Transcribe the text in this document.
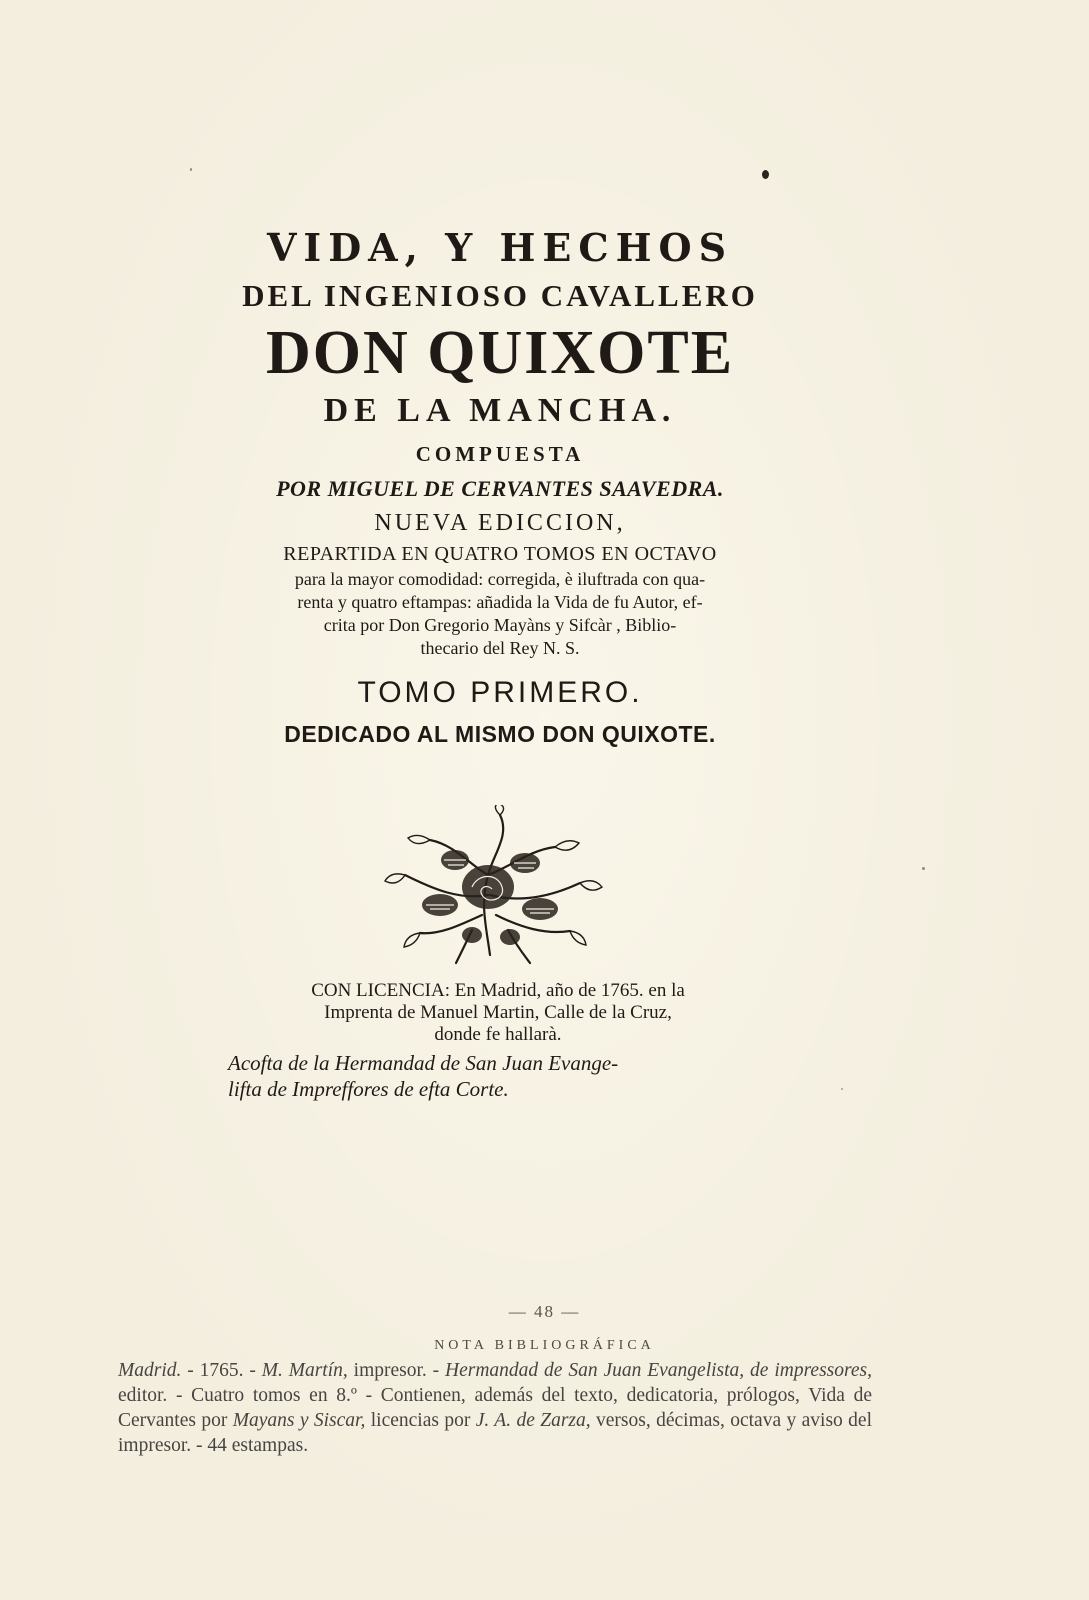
VIDA, Y HECHOS
DEL INGENIOSO CAVALLERO
DON QUIXOTE
DE LA MANCHA.
COMPUESTA
POR MIGUEL DE CERVANTES SAAVEDRA.
NUEVA EDICCION,
REPARTIDA EN QUATRO TOMOS EN OCTAVO
para la mayor comodidad: corregida, è iluftrada con qua-
renta y quatro eftampas: añadida la Vida de fu Autor, ef-
crita por Don Gregorio Mayàns y Sifcàr , Biblio-
thecario del Rey N. S.
TOMO PRIMERO.
DEDICADO AL MISMO DON QUIXOTE.
CON LICENCIA: En Madrid, año de 1765. en la
Imprenta de Manuel Martin, Calle de la Cruz,
donde fe hallarà.
Acofta de la Hermandad de San Juan Evange-
lifta de Impreffores de efta Corte.
— 48 —
NOTA BIBLIOGRÁFICA
Madrid. - 1765. - M. Martín, impresor. - Hermandad de San Juan Evangelista, de impressores, editor. - Cuatro tomos en 8.º - Contienen, además del texto, dedicatoria, prólogos, Vida de Cervantes por Mayans y Siscar, licencias por J. A. de Zarza, versos, décimas, octava y aviso del impresor. - 44 estampas.
